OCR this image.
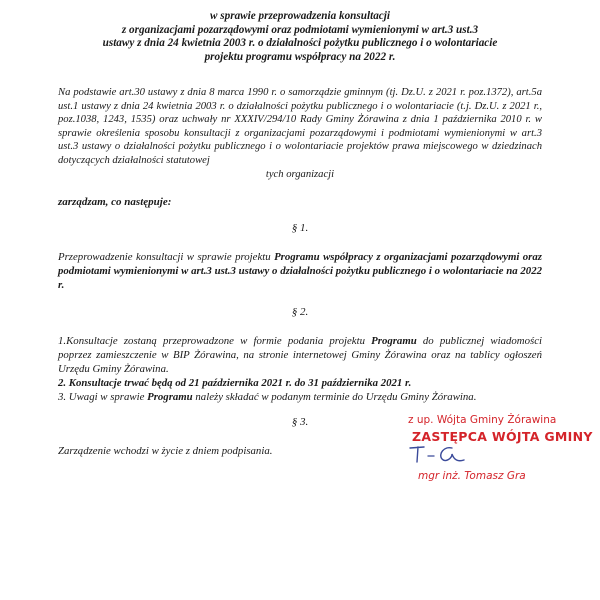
w sprawie przeprowadzenia konsultacji
z organizacjami pozarządowymi oraz podmiotami wymienionymi w art.3 ust.3
ustawy z dnia 24 kwietnia 2003 r. o działalności pożytku publicznego i o wolontariacie
projektu programu współpracy na 2022 r.
Na podstawie art.30 ustawy z dnia 8 marca 1990 r. o samorządzie gminnym (tj. Dz.U. z 2021 r. poz.1372), art.5a ust.1 ustawy z dnia 24 kwietnia 2003 r. o działalności pożytku publicznego i o wolontariacie (t.j. Dz.U. z 2021 r., poz.1038, 1243, 1535) oraz uchwały nr XXXIV/294/10 Rady Gminy Żórawina z dnia 1 października 2010 r. w sprawie określenia sposobu konsultacji z organizacjami pozarządowymi i podmiotami wymienionymi w art.3 ust.3 ustawy o działalności pożytku publicznego i o wolontariacie projektów prawa miejscowego w dziedzinach dotyczących działalności statutowej
tych organizacji
zarządzam, co następuje:
§ 1.
Przeprowadzenie konsultacji w sprawie projektu Programu współpracy z organizacjami pozarządowymi oraz podmiotami wymienionymi w art.3 ust.3 ustawy o działalności pożytku publicznego i o wolontariacie na 2022 r.
§ 2.
1.Konsultacje zostaną przeprowadzone w formie podania projektu Programu do publicznej wiadomości poprzez zamieszczenie w BIP Żórawina, na stronie internetowej Gminy Żórawina oraz na tablicy ogłoszeń Urzędu Gminy Żórawina.
2. Konsultacje trwać będą od 21 października 2021 r. do 31 października 2021 r.
3. Uwagi w sprawie Programu należy składać w podanym terminie do Urzędu Gminy Żórawina.
§ 3.
Zarządzenie wchodzi w życie z dniem podpisania.
z up. Wójta Gminy Żórawina
ZASTĘPCA WÓJTA GMINY
mgr inż. Tomasz Gra
